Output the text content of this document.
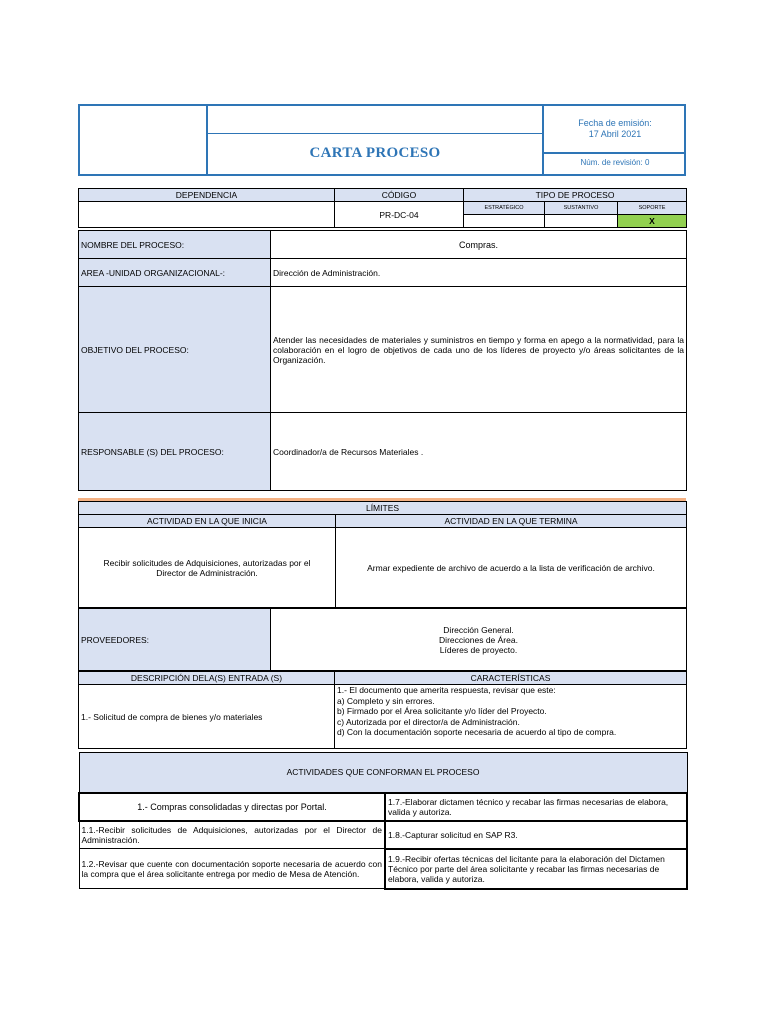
CARTA PROCESO
Fecha de emisión:
17 Abril 2021
Núm. de revisión: 0
DEPENDENCIA	CÓDIGO	TIPO DE PROCESO		
	PR-DC-04	ESTRATÉGICO	SUSTANTIVO	SOPORTE
				X
NOMBRE DEL PROCESO:	Compras.
AREA -UNIDAD ORGANIZACIONAL-:	Dirección de Administración.
OBJETIVO DEL PROCESO:	Atender las necesidades de materiales y suministros en tiempo y forma en apego a la normatividad, para la colaboración en el logro de objetivos de cada uno de los líderes de proyecto y/o áreas solicitantes de la Organización.
RESPONSABLE (S) DEL PROCESO:	Coordinador/a de Recursos Materiales .
LÍMITES	
ACTIVIDAD EN LA QUE INICIA	ACTIVIDAD EN LA QUE TERMINA
Recibir solicitudes de Adquisiciones, autorizadas por el Director de Administración.	Armar expediente de archivo de acuerdo a la lista de verificación de archivo.
PROVEEDORES:	
Dirección General.
Direcciones de Área.
Líderes de proyecto.
DESCRIPCIÓN DELA(S) ENTRADA (S)	CARACTERÍSTICAS
1.- Solicitud de compra de bienes y/o materiales	1.- El documento que amerita respuesta, revisar que este:
a) Completo y sin errores.
b) Firmado por el Área solicitante y/o líder del Proyecto.
c) Autorizada por el director/a de Administración.
d) Con la documentación soporte necesaria de acuerdo al tipo de compra.
ACTIVIDADES QUE CONFORMAN EL PROCESO	
1.- Compras consolidadas y directas por Portal.	1.7.-Elaborar dictamen técnico y recabar las firmas necesarias de elabora, valida y autoriza.
1.1.-Recibir solicitudes de Adquisiciones, autorizadas por el Director de Administración.	1.8.-Capturar solicitud en SAP R3.
1.2.-Revisar que cuente con documentación soporte necesaria de acuerdo con la compra que el área solicitante entrega por medio de Mesa de Atención.	1.9.-Recibir ofertas técnicas del licitante para la elaboración del Dictamen Técnico por parte del área solicitante y recabar las firmas necesarias de elabora, valida y autoriza.
